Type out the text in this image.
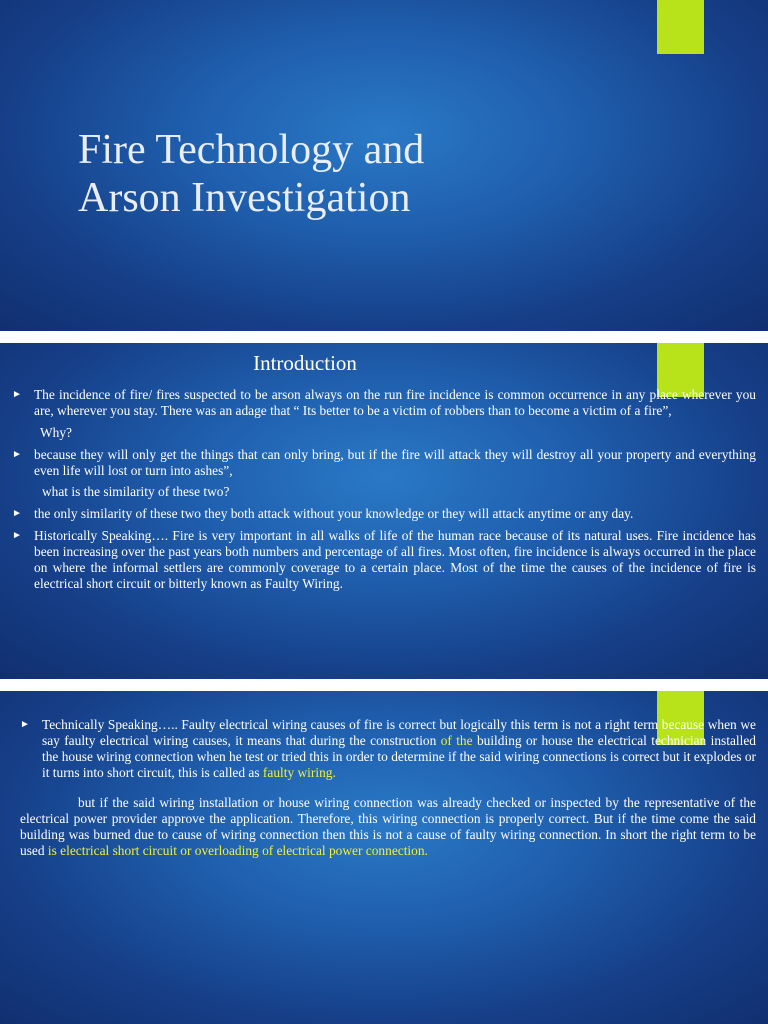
Fire Technology and
Arson Investigation
Introduction
► The incidence of fire/ fires suspected to be arson always on the run fire incidence is common occurrence in any place wherever you are, wherever you stay. There was an adage that “ Its better to be a victim of robbers than to become a victim of a fire”,
Why?
► because they will only get the things that can only bring, but if the fire will attack they will destroy all your property and everything even life will lost or turn into ashes”,
what is the similarity of these two?
► the only similarity of these two they both attack without your knowledge or they will attack anytime or any day.
► Historically Speaking…. Fire is very important in all walks of life of the human race because of its natural uses. Fire incidence has been increasing over the past years both numbers and percentage of all fires. Most often, fire incidence is always occurred in the place on where the informal settlers are commonly coverage to a certain place. Most of the time the causes of the incidence of fire is electrical short circuit or bitterly known as Faulty Wiring.
► Technically Speaking….. Faulty electrical wiring causes of fire is correct but logically this term is not a right term because when we say faulty electrical wiring causes, it means that during the construction of the building or house the electrical technician installed the house wiring connection when he test or tried this in order to determine if the said wiring connections is correct but it explodes or it turns into short circuit, this is called as faulty wiring.
but if the said wiring installation or house wiring connection was already checked or inspected by the representative of the electrical power provider approve the application. Therefore, this wiring connection is properly correct. But if the time come the said building was burned due to cause of wiring connection then this is not a cause of faulty wiring connection. In short the right term to be used is electrical short circuit or overloading of electrical power connection.
